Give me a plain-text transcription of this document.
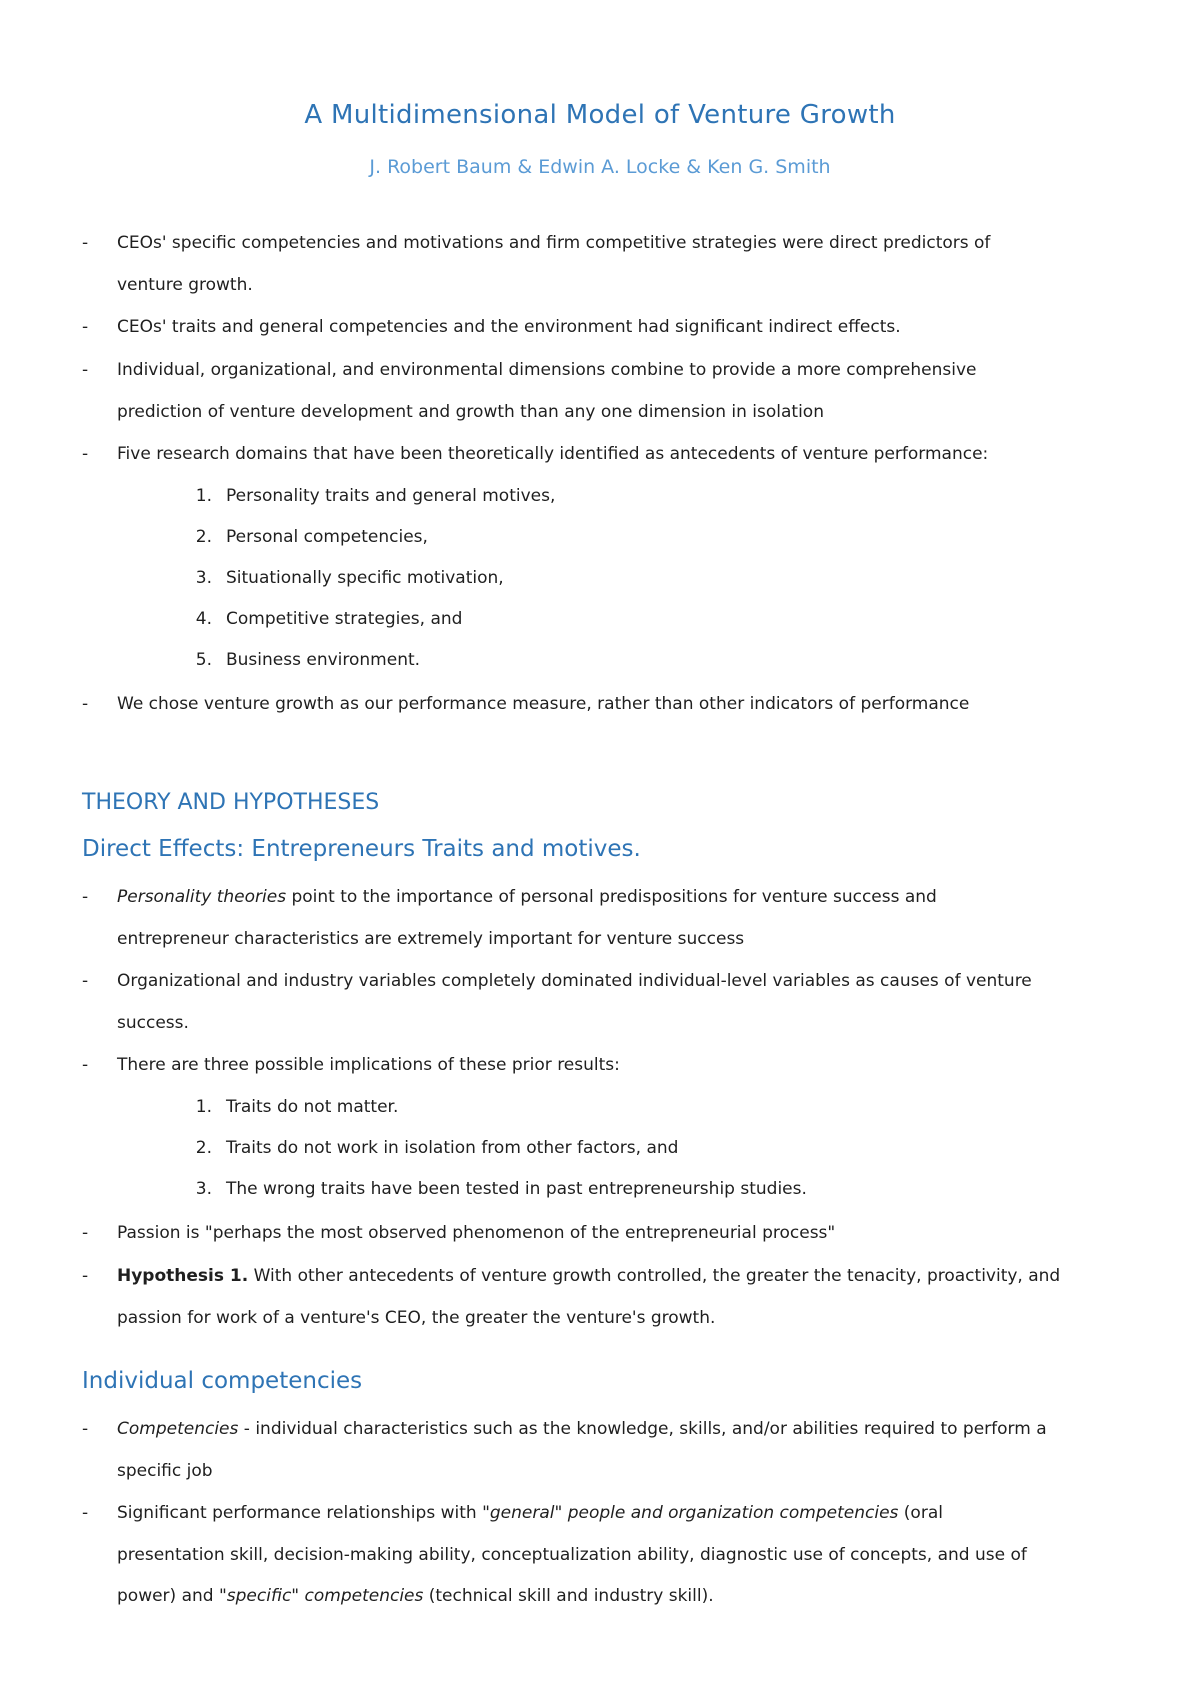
A Multidimensional Model of Venture Growth
J. Robert Baum & Edwin A. Locke & Ken G. Smith
- CEOs' specific competencies and motivations and firm competitive strategies were direct predictors of
venture growth.
- CEOs' traits and general competencies and the environment had significant indirect effects.
- Individual, organizational, and environmental dimensions combine to provide a more comprehensive
prediction of venture development and growth than any one dimension in isolation
- Five research domains that have been theoretically identified as antecedents of venture performance:
1. Personality traits and general motives,
2. Personal competencies,
3. Situationally specific motivation,
4. Competitive strategies, and
5. Business environment.
- We chose venture growth as our performance measure, rather than other indicators of performance
THEORY AND HYPOTHESES
Direct Effects: Entrepreneurs Traits and motives.
- Personality theories point to the importance of personal predispositions for venture success and
entrepreneur characteristics are extremely important for venture success
- Organizational and industry variables completely dominated individual-level variables as causes of venture
success.
- There are three possible implications of these prior results:
1. Traits do not matter.
2. Traits do not work in isolation from other factors, and
3. The wrong traits have been tested in past entrepreneurship studies.
- Passion is "perhaps the most observed phenomenon of the entrepreneurial process"
- Hypothesis 1. With other antecedents of venture growth controlled, the greater the tenacity, proactivity, and
passion for work of a venture's CEO, the greater the venture's growth.
Individual competencies
- Competencies - individual characteristics such as the knowledge, skills, and/or abilities required to perform a
specific job
- Significant performance relationships with "general" people and organization competencies (oral
presentation skill, decision-making ability, conceptualization ability, diagnostic use of concepts, and use of
power) and "specific" competencies (technical skill and industry skill).
